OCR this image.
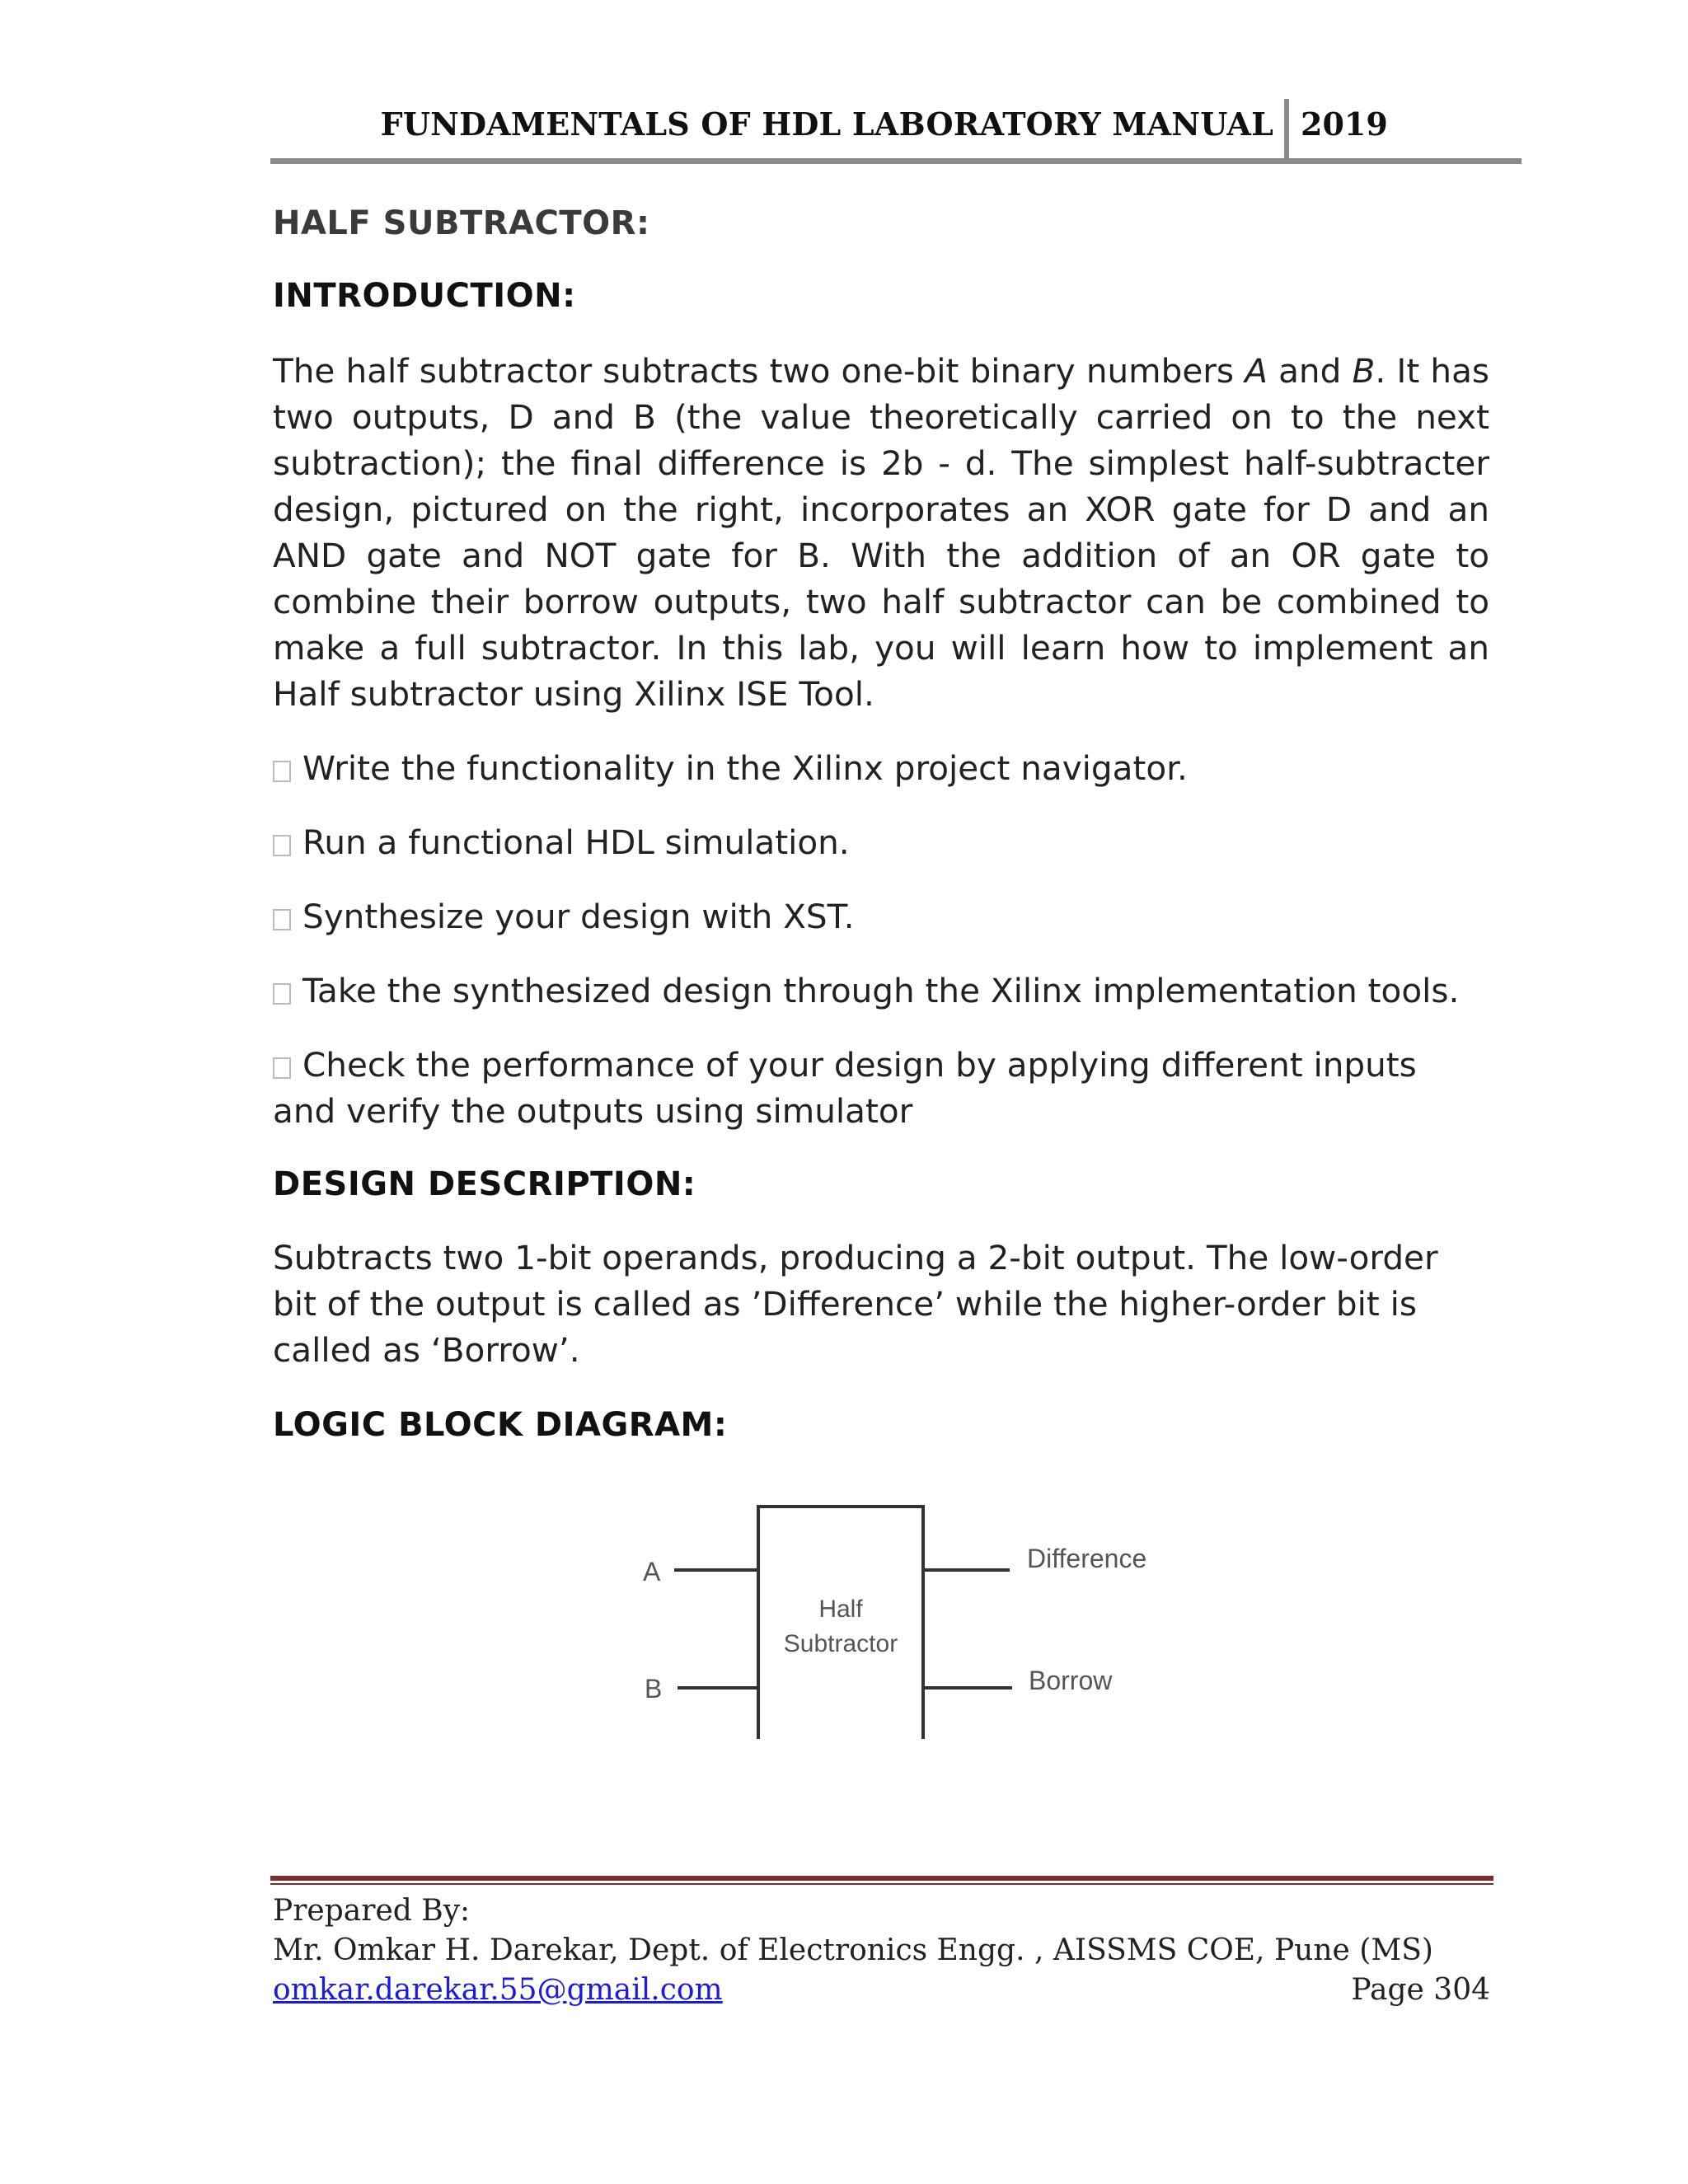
FUNDAMENTALS OF HDL LABORATORY MANUAL 2019
HALF SUBTRACTOR:
INTRODUCTION:
The half subtractor subtracts two one-bit binary numbers A and B. It has two outputs, D and B (the value theoretically carried on to the next subtraction); the final difference is 2b - d. The simplest half-subtracter design, pictured on the right, incorporates an XOR gate for D and an AND gate and NOT gate for B. With the addition of an OR gate to combine their borrow outputs, two half subtractor can be combined to make a full subtractor. In this lab, you will learn how to implement an Half subtractor using Xilinx ISE Tool.
Write the functionality in the Xilinx project navigator.
Run a functional HDL simulation.
Synthesize your design with XST.
Take the synthesized design through the Xilinx implementation tools.
Check the performance of your design by applying different inputs and verify the outputs using simulator
DESIGN DESCRIPTION:
Subtracts two 1-bit operands, producing a 2-bit output. The low-order bit of the output is called as ’Difference’ while the higher-order bit is called as ‘Borrow’.
LOGIC BLOCK DIAGRAM:
A
B
Half
Subtractor
Difference
Borrow
Prepared By:
Mr. Omkar H. Darekar, Dept. of Electronics Engg. , AISSMS COE, Pune (MS)
omkar.darekar.55@gmail.com	Page 304
